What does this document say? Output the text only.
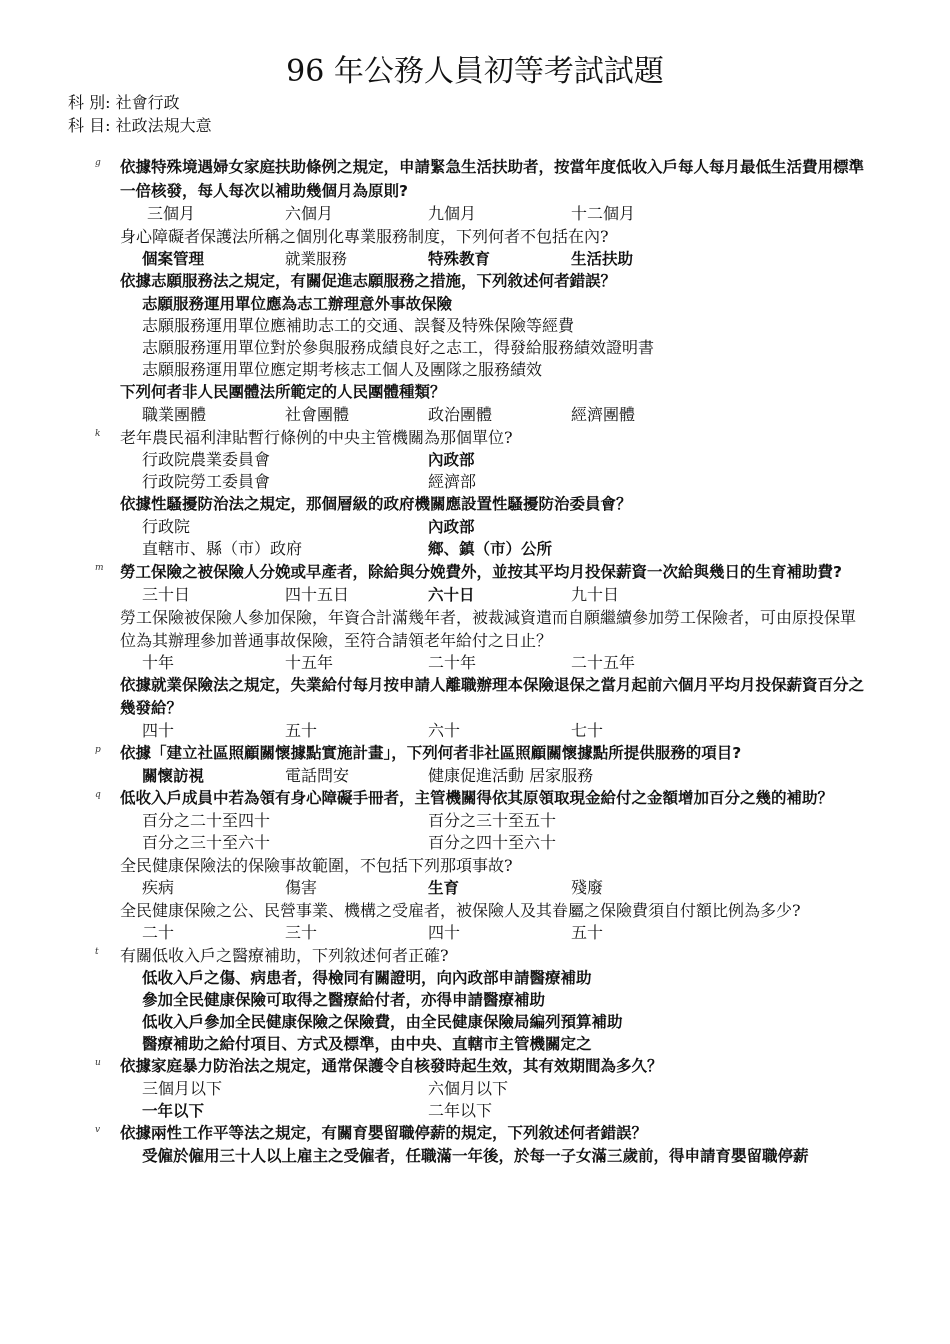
96 年公務人員初等考試試題
科 別: 社會行政
科 目: 社政法規大意
g 依據特殊境遇婦女家庭扶助條例之規定，申請緊急生活扶助者，按當年度低收入戶每人每月最低生活費用標準一倍核發，每人每次以補助幾個月為原則?
三個月	六個月	九個月	十二個月
身心障礙者保護法所稱之個別化專業服務制度，下列何者不包括在內?
個案管理	就業服務	特殊教育	生活扶助
依據志願服務法之規定，有關促進志願服務之措施，下列敘述何者錯誤？
志願服務運用單位應為志工辦理意外事故保險
志願服務運用單位應補助志工的交通、誤餐及特殊保險等經費
志願服務運用單位對於參與服務成績良好之志工，得發給服務績效證明書
志願服務運用單位應定期考核志工個人及團隊之服務績效
下列何者非人民團體法所範定的人民團體種類？
職業團體	社會團體	政治團體	經濟團體
k 老年農民福利津貼暫行條例的中央主管機關為那個單位?
行政院農業委員會	內政部
行政院勞工委員會	經濟部
依據性騷擾防治法之規定，那個層級的政府機關應設置性騷擾防治委員會？
行政院	內政部
直轄市、縣（市）政府	鄉、鎮（市）公所
m 勞工保險之被保險人分娩或早產者，除給與分娩費外，並按其平均月投保薪資一次給與幾日的生育補助費?
三十日	四十五日	六十日	九十日
勞工保險被保險人參加保險，年資合計滿幾年者，被裁減資遣而自願繼續參加勞工保險者，可由原投保單位為其辦理參加普通事故保險，至符合請領老年給付之日止？
十年	十五年	二十年	二十五年
依據就業保險法之規定，失業給付每月按申請人離職辦理本保險退保之當月起前六個月平均月投保薪資百分之幾發給？
四十	五十	六十	七十
p 依據「建立社區照顧關懷據點實施計畫」，下列何者非社區照顧關懷據點所提供服務的項目?
關懷訪視	電話問安	健康促進活動 居家服務
q 低收入戶成員中若為領有身心障礙手冊者，主管機關得依其原領取現金給付之金額增加百分之幾的補助？
百分之二十至四十	百分之三十至五十
百分之三十至六十	百分之四十至六十
全民健康保險法的保險事故範圍，不包括下列那項事故?
疾病	傷害	生育	殘廢
全民健康保險之公、民營事業、機構之受雇者，被保險人及其眷屬之保險費須自付額比例為多少?
二十	三十	四十	五十
t 有關低收入戶之醫療補助，下列敘述何者正確?
低收入戶之傷、病患者，得檢同有關證明，向內政部申請醫療補助
參加全民健康保險可取得之醫療給付者，亦得申請醫療補助
低收入戶參加全民健康保險之保險費，由全民健康保險局編列預算補助
醫療補助之給付項目、方式及標準，由中央、直轄市主管機關定之
u 依據家庭暴力防治法之規定，通常保護令自核發時起生效，其有效期間為多久？
三個月以下	六個月以下
一年以下	二年以下
v 依據兩性工作平等法之規定，有關育嬰留職停薪的規定，下列敘述何者錯誤？
受僱於僱用三十人以上雇主之受僱者，任職滿一年後，於每一子女滿三歲前，得申請育嬰留職停薪
